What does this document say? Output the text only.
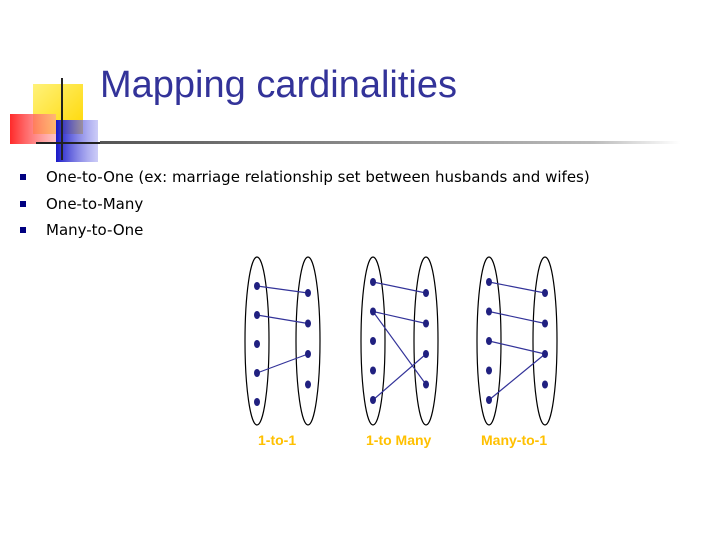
Mapping cardinalities
One-to-One (ex: marriage relationship set between husbands and wifes)
One-to-Many
Many-to-One
1-to-1	1-to Many	Many-to-1
